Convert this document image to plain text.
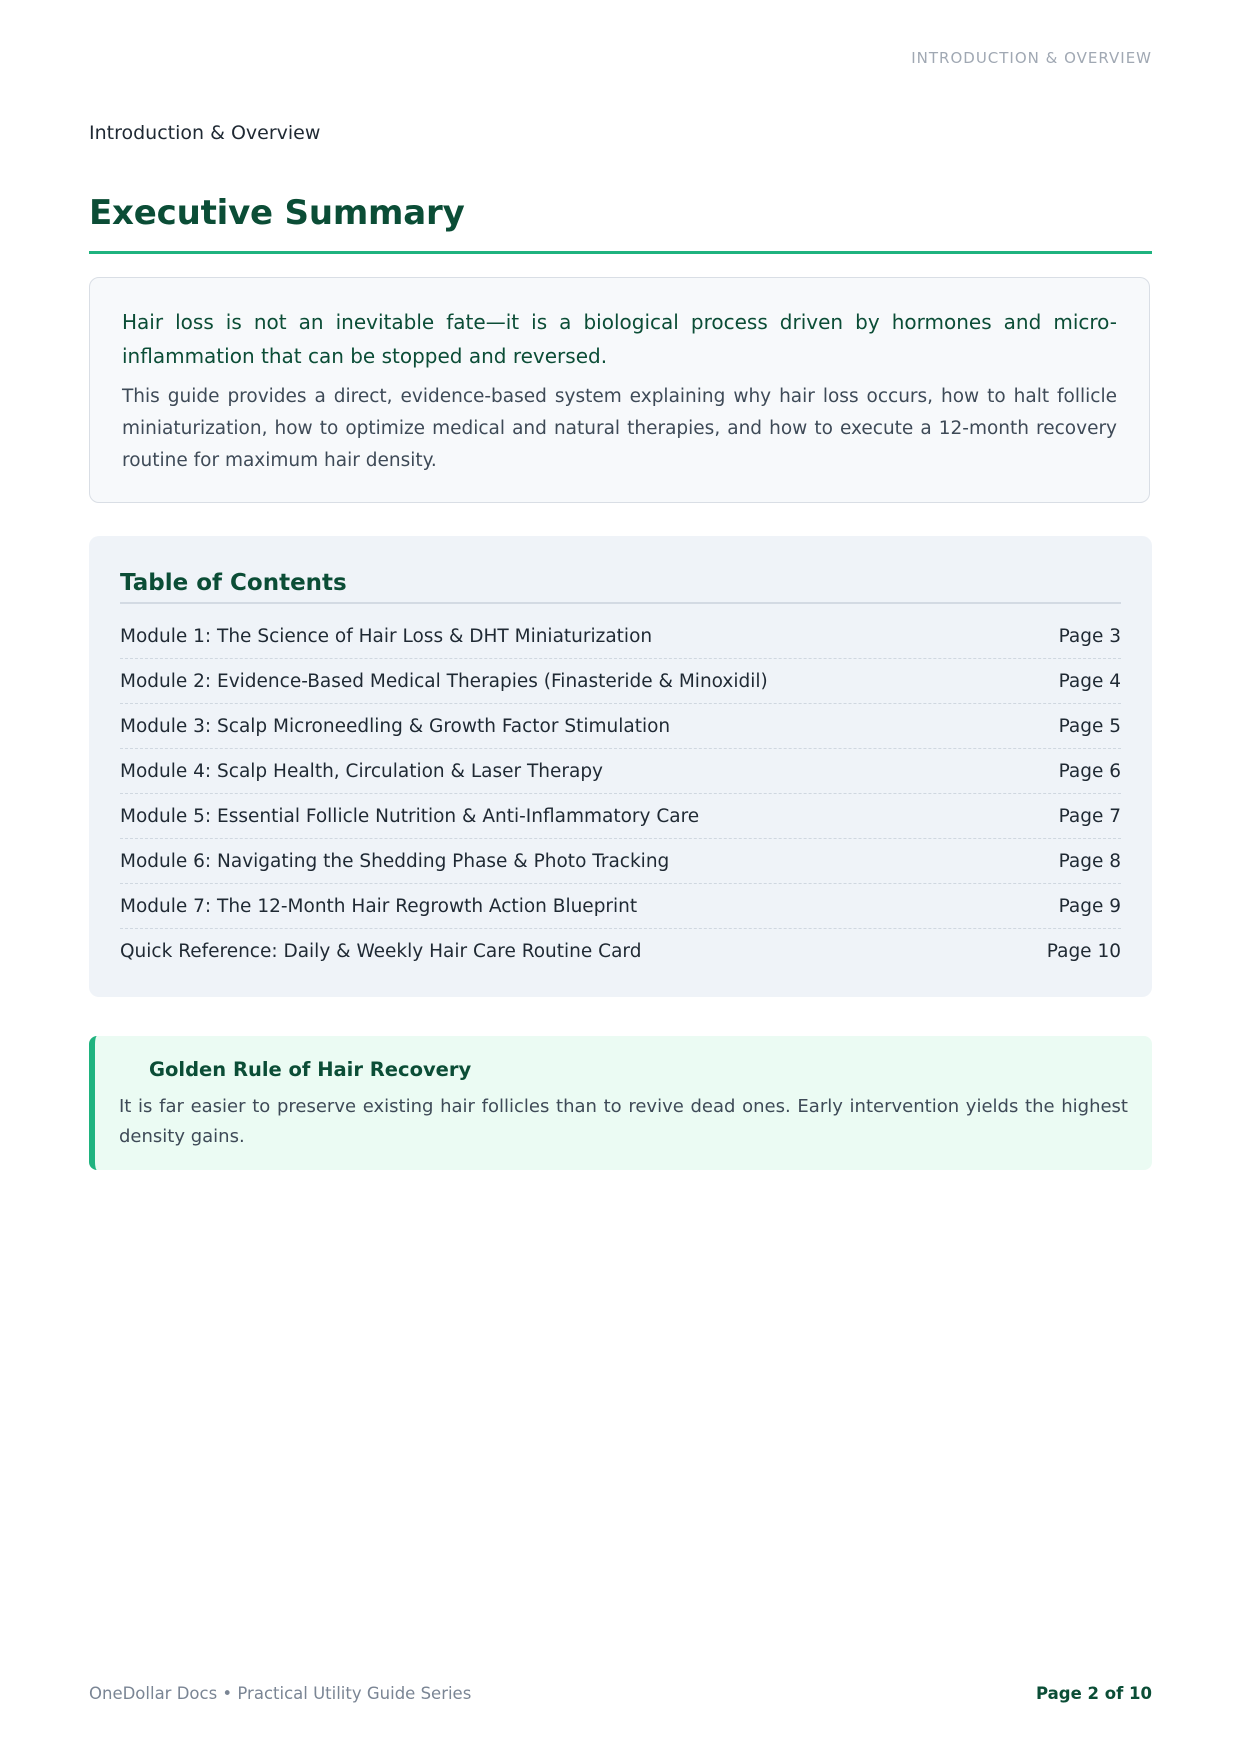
INTRODUCTION & OVERVIEW
Introduction & Overview
Executive Summary

Hair loss is not an inevitable fate—it is a biological process driven by hormones and micro-inflammation that can be stopped and reversed.

This guide provides a direct, evidence-based system explaining why hair loss occurs, how to halt follicle miniaturization, how to optimize medical and natural therapies, and how to execute a 12-month recovery routine for maximum hair density.

Table of Contents
Module 1: The Science of Hair Loss & DHT Miniaturization	Page 3
Module 2: Evidence-Based Medical Therapies (Finasteride & Minoxidil)	Page 4
Module 3: Scalp Microneedling & Growth Factor Stimulation	Page 5
Module 4: Scalp Health, Circulation & Laser Therapy	Page 6
Module 5: Essential Follicle Nutrition & Anti-Inflammatory Care	Page 7
Module 6: Navigating the Shedding Phase & Photo Tracking	Page 8
Module 7: The 12-Month Hair Regrowth Action Blueprint	Page 9
Quick Reference: Daily & Weekly Hair Care Routine Card	Page 10
Golden Rule of Hair Recovery

It is far easier to preserve existing hair follicles than to revive dead ones. Early intervention yields the highest density gains.

OneDollar Docs • Practical Utility Guide Series	Page 2 of 10
